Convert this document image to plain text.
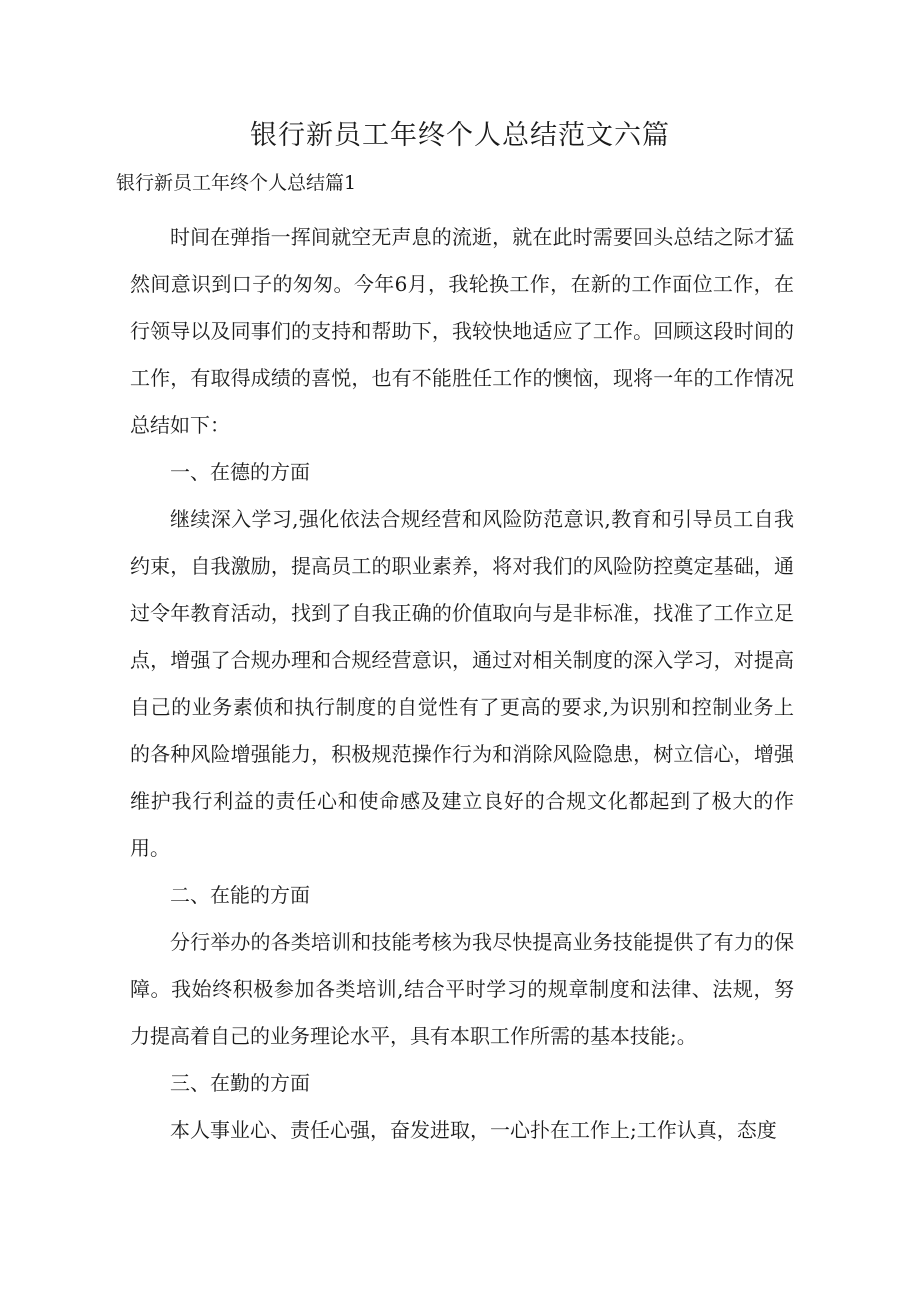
银行新员工年终个人总结范文六篇
银行新员工年终个人总结篇1

时间在弹指一挥间就空无声息的流逝，就在此时需要回头总结之际才猛然间意识到口子的匆匆。今年6月，我轮换工作，在新的工作面位工作，在行领导以及同事们的支持和帮助下，我较快地适应了工作。回顾这段时间的工作，有取得成绩的喜悦，也有不能胜任工作的懊恼，现将一年的工作情况总结如下：

一、在德的方面

继续深入学习,强化依法合规经营和风险防范意识,教育和引导员工自我约束，自我激励，提高员工的职业素养，将对我们的风险防控奠定基础，通过令年教育活动，找到了自我正确的价值取向与是非标准，找准了工作立足点，增强了合规办理和合规经营意识，通过对相关制度的深入学习，对提高自己的业务素侦和执行制度的自觉性有了更高的要求,为识别和控制业务上的各种风险增强能力，积极规范操作行为和消除风险隐患，树立信心，增强维护我行利益的责任心和使命感及建立良好的合规文化都起到了极大的作用。

二、在能的方面

分行举办的各类培训和技能考核为我尽快提高业务技能提供了有力的保障。我始终积极参加各类培训,结合平时学习的规章制度和法律、法规，努力提高着自己的业务理论水平，具有本职工作所需的基本技能;。

三、在勤的方面

本人事业心、责任心强，奋发进取，一心扑在工作上;工作认真，态度
